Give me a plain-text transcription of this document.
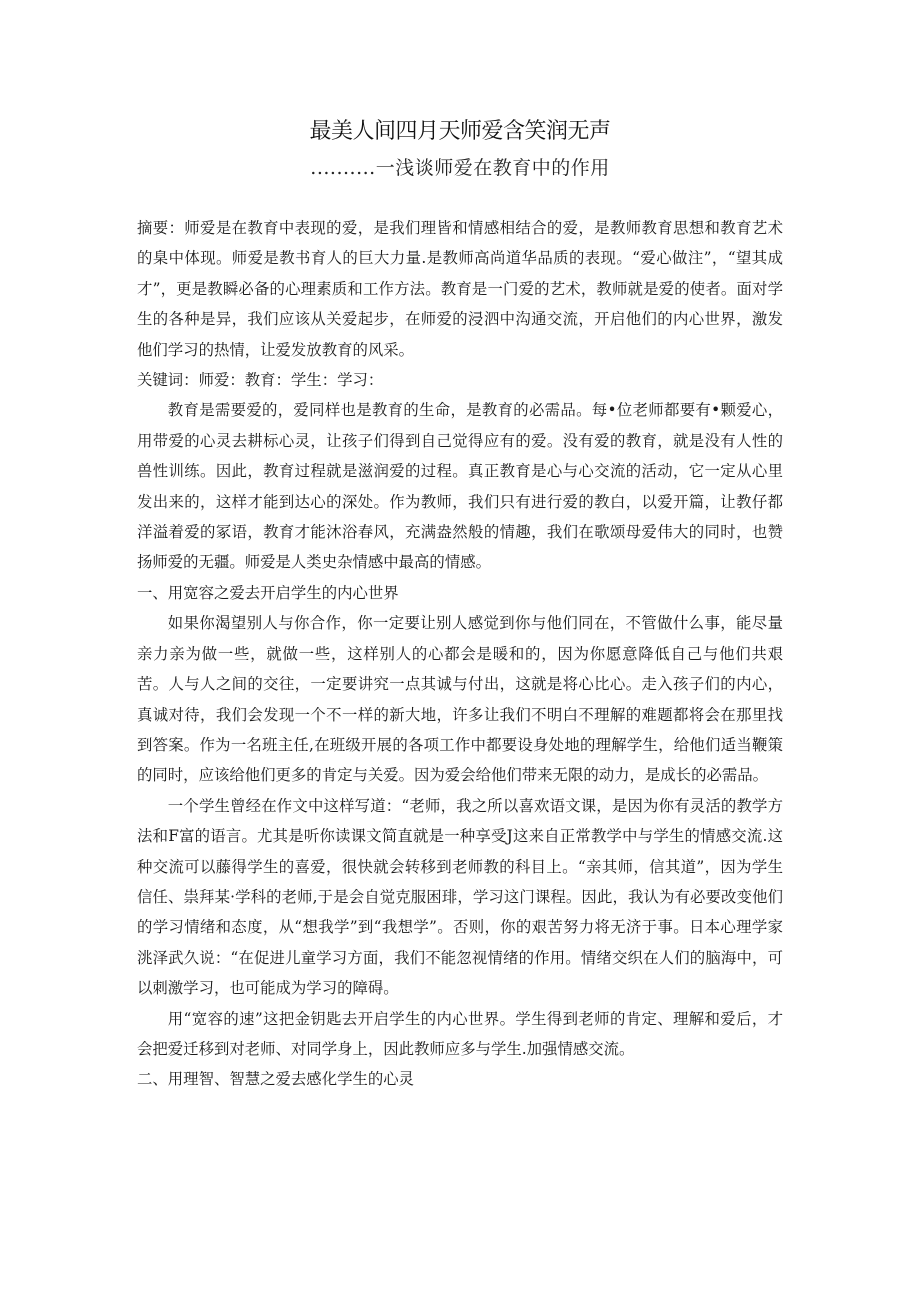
最美人间四月天师爱含笑润无声
..........一浅谈师爱在教育中的作用

摘要：师爱是在教育中表现的爱，是我们理皆和情感相结合的爱，是教师教育思想和教育艺术的臬中体现。师爱是教书育人的巨大力量.是教师高尚道华品质的表现。“爱心做注”，“望其成才”，更是教瞬必备的心理素质和工作方法。教育是一门爱的艺术，教师就是爱的使者。面对学生的各种是异，我们应该从关爱起步，在师爱的浸泗中沟通交流，开启他们的内心世界，激发他们学习的热情，让爱发放教育的风采。

关键词：师爱：教育：学生：学习：

教育是需要爱的，爱同样也是教育的生命，是教育的必需品。每•位老师都要有•颗爱心，用带爱的心灵去耕标心灵，让孩子们得到自己觉得应有的爱。没有爱的教育，就是没有人性的兽性训练。因此，教育过程就是滋润爱的过程。真正教育是心与心交流的活动，它一定从心里发出来的，这样才能到达心的深处。作为教师，我们只有进行爱的教白，以爱开篇，让教仔都洋溢着爱的冢语，教育才能沐浴春风，充满盎然般的情趣，我们在歌颂母爱伟大的同时，也赞扬师爱的无疆。师爱是人类史杂情感中最高的情感。

一、用宽容之爱去开启学生的内心世界

如果你渴望别人与你合作，你一定要让别人感觉到你与他们同在，不管做什么事，能尽量亲力亲为做一些，就做一些，这样别人的心都会是暖和的，因为你愿意降低自己与他们共艰苦。人与人之间的交往，一定要讲究一点其诚与付出，这就是将心比心。走入孩子们的内心，真诚对待，我们会发现一个不一样的新大地，许多让我们不明白不理解的难题都将会在那里找到答案。作为一名班主任,在班级开展的各项工作中都要设身处地的理解学生，给他们适当鞭策的同时，应该给他们更多的肯定与关爱。因为爱会给他们带来无限的动力，是成长的必需品。

一个学生曾经在作文中这样写道：“老师，我之所以喜欢语文课，是因为你有灵活的教学方法和F富的语言。尤其是听你读课文简直就是一种享受J这来自正常教学中与学生的情感交流.这种交流可以藤得学生的喜爱，很快就会转移到老师教的科目上。“亲其师，信其道”，因为学生信任、祟拜某·学科的老师,于是会自觉克服困琲，学习这门课程。因此，我认为有必要改变他们的学习情绪和态度，从“想我学”到“我想学”。否则，你的艰苦努力将无济于事。日本心理学家洮泽武久说：“在促进儿童学习方面，我们不能忽视情绪的作用。情绪交织在人们的脑海中，可以刺激学习，也可能成为学习的障碍。

用“宽容的速”这把金钥匙去开启学生的内心世界。学生得到老师的肯定、理解和爱后，才会把爱迁移到对老师、对同学身上，因此教师应多与学生.加强情感交流。

二、用理智、智慧之爱去感化学生的心灵
